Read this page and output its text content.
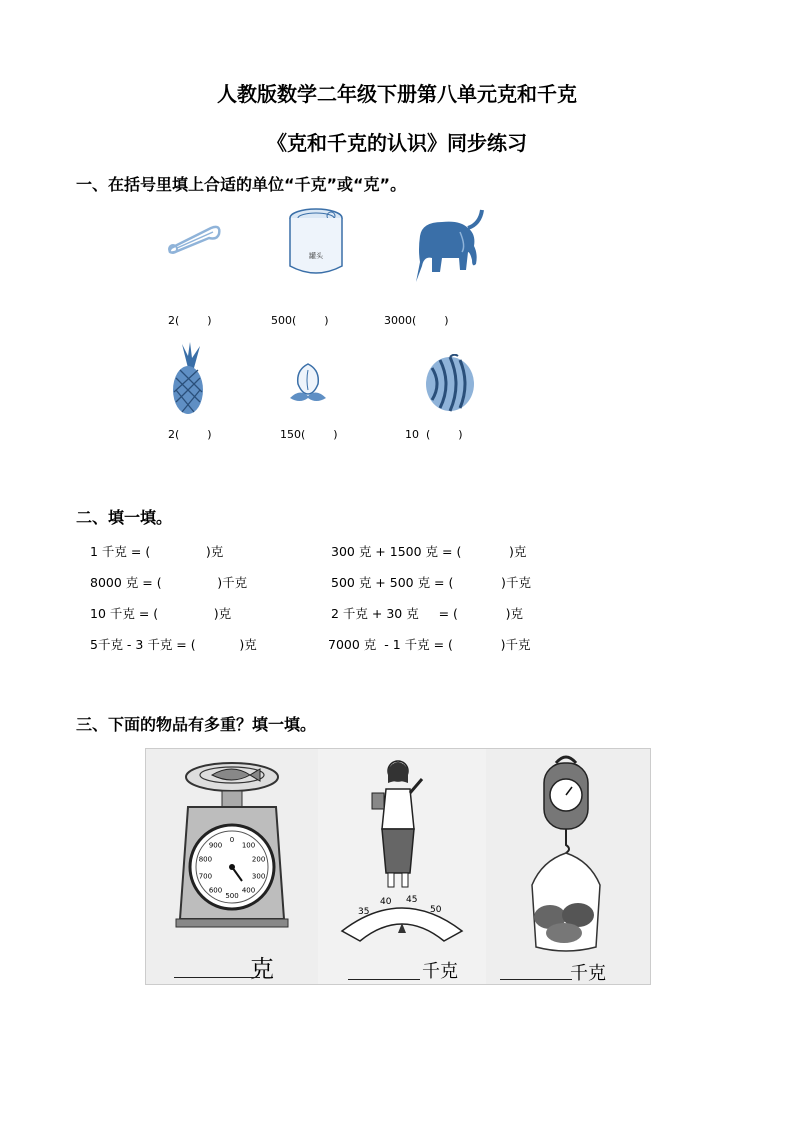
人教版数学二年级下册第八单元克和千克
《克和千克的认识》同步练习
一、在括号里填上合适的单位“千克”或“克”。
罐头
2(        )	500(        )	3000(        )
2(        )	150(        )	10  (        )
二、填一填。
1 千克 = (              )克	300 克 + 1500 克 = (            )克
8000 克 = (              )千克	500 克 + 500 克 = (            )千克
10 千克 = (              )克	2 千克 + 30 克     = (            )克
5千克 - 3 千克 = (           )克	7000 克  - 1 千克 = (            )千克
三、下面的物品有多重？填一填。
0
100
200
300
400
500
600
700
800
900
克
35
40 45
50
千克	千克
